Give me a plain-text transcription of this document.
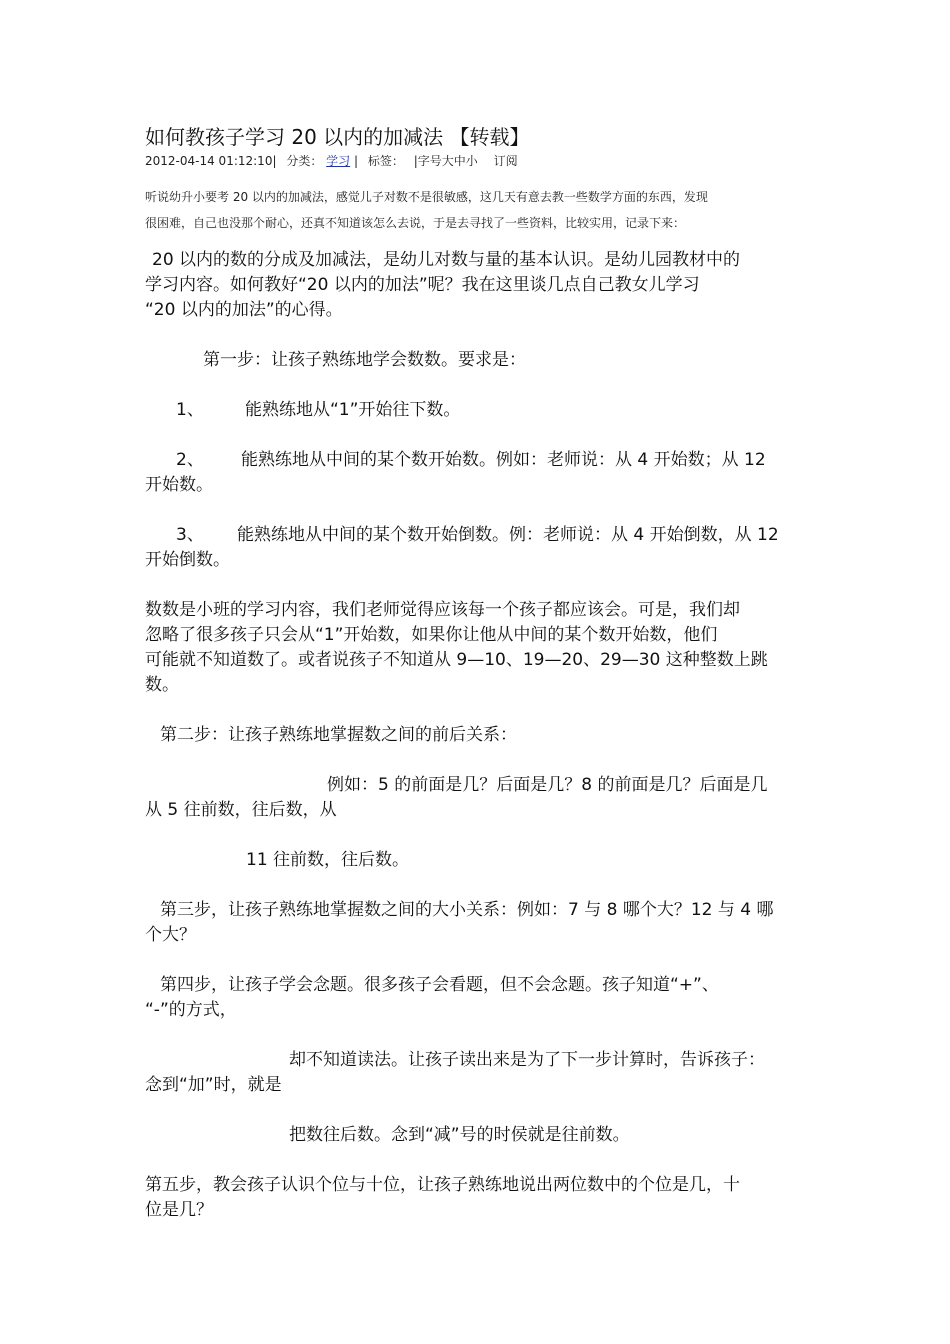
如何教孩子学习 20 以内的加减法 【转载】
2012-04-14 01:12:10| 分类： 学习 | 标签： |字号大中小 订阅
听说幼升小要考 20 以内的加减法，感觉儿子对数不是很敏感，这几天有意去教一些数学方面的东西，发现
很困难，自己也没那个耐心，还真不知道该怎么去说，于是去寻找了一些资料，比较实用，记录下来：
20 以内的数的分成及加减法，是幼儿对数与量的基本认识。是幼儿园教材中的
学习内容。如何教好“20 以内的加法”呢？我在这里谈几点自己教女儿学习
“20 以内的加法”的心得。
第一步：让孩子熟练地学会数数。要求是：
1、 能熟练地从“1”开始往下数。
2、 能熟练地从中间的某个数开始数。例如：老师说：从 4 开始数；从 12
开始数。
3、 能熟练地从中间的某个数开始倒数。例：老师说：从 4 开始倒数，从 12
开始倒数。
数数是小班的学习内容，我们老师觉得应该每一个孩子都应该会。可是，我们却
忽略了很多孩子只会从“1”开始数，如果你让他从中间的某个数开始数，他们
可能就不知道数了。或者说孩子不知道从 9—10、19—20、29—30 这种整数上跳
数。
第二步：让孩子熟练地掌握数之间的前后关系：
例如：5 的前面是几？后面是几？8 的前面是几？后面是几
从 5 往前数，往后数，从
11 往前数，往后数。
第三步，让孩子熟练地掌握数之间的大小关系：例如：7 与 8 哪个大？12 与 4 哪
个大？
第四步，让孩子学会念题。很多孩子会看题，但不会念题。孩子知道“+”、
“-”的方式，
却不知道读法。让孩子读出来是为了下一步计算时，告诉孩子：
念到“加”时，就是
把数往后数。念到“减”号的时侯就是往前数。
第五步，教会孩子认识个位与十位，让孩子熟练地说出两位数中的个位是几，十
位是几？
